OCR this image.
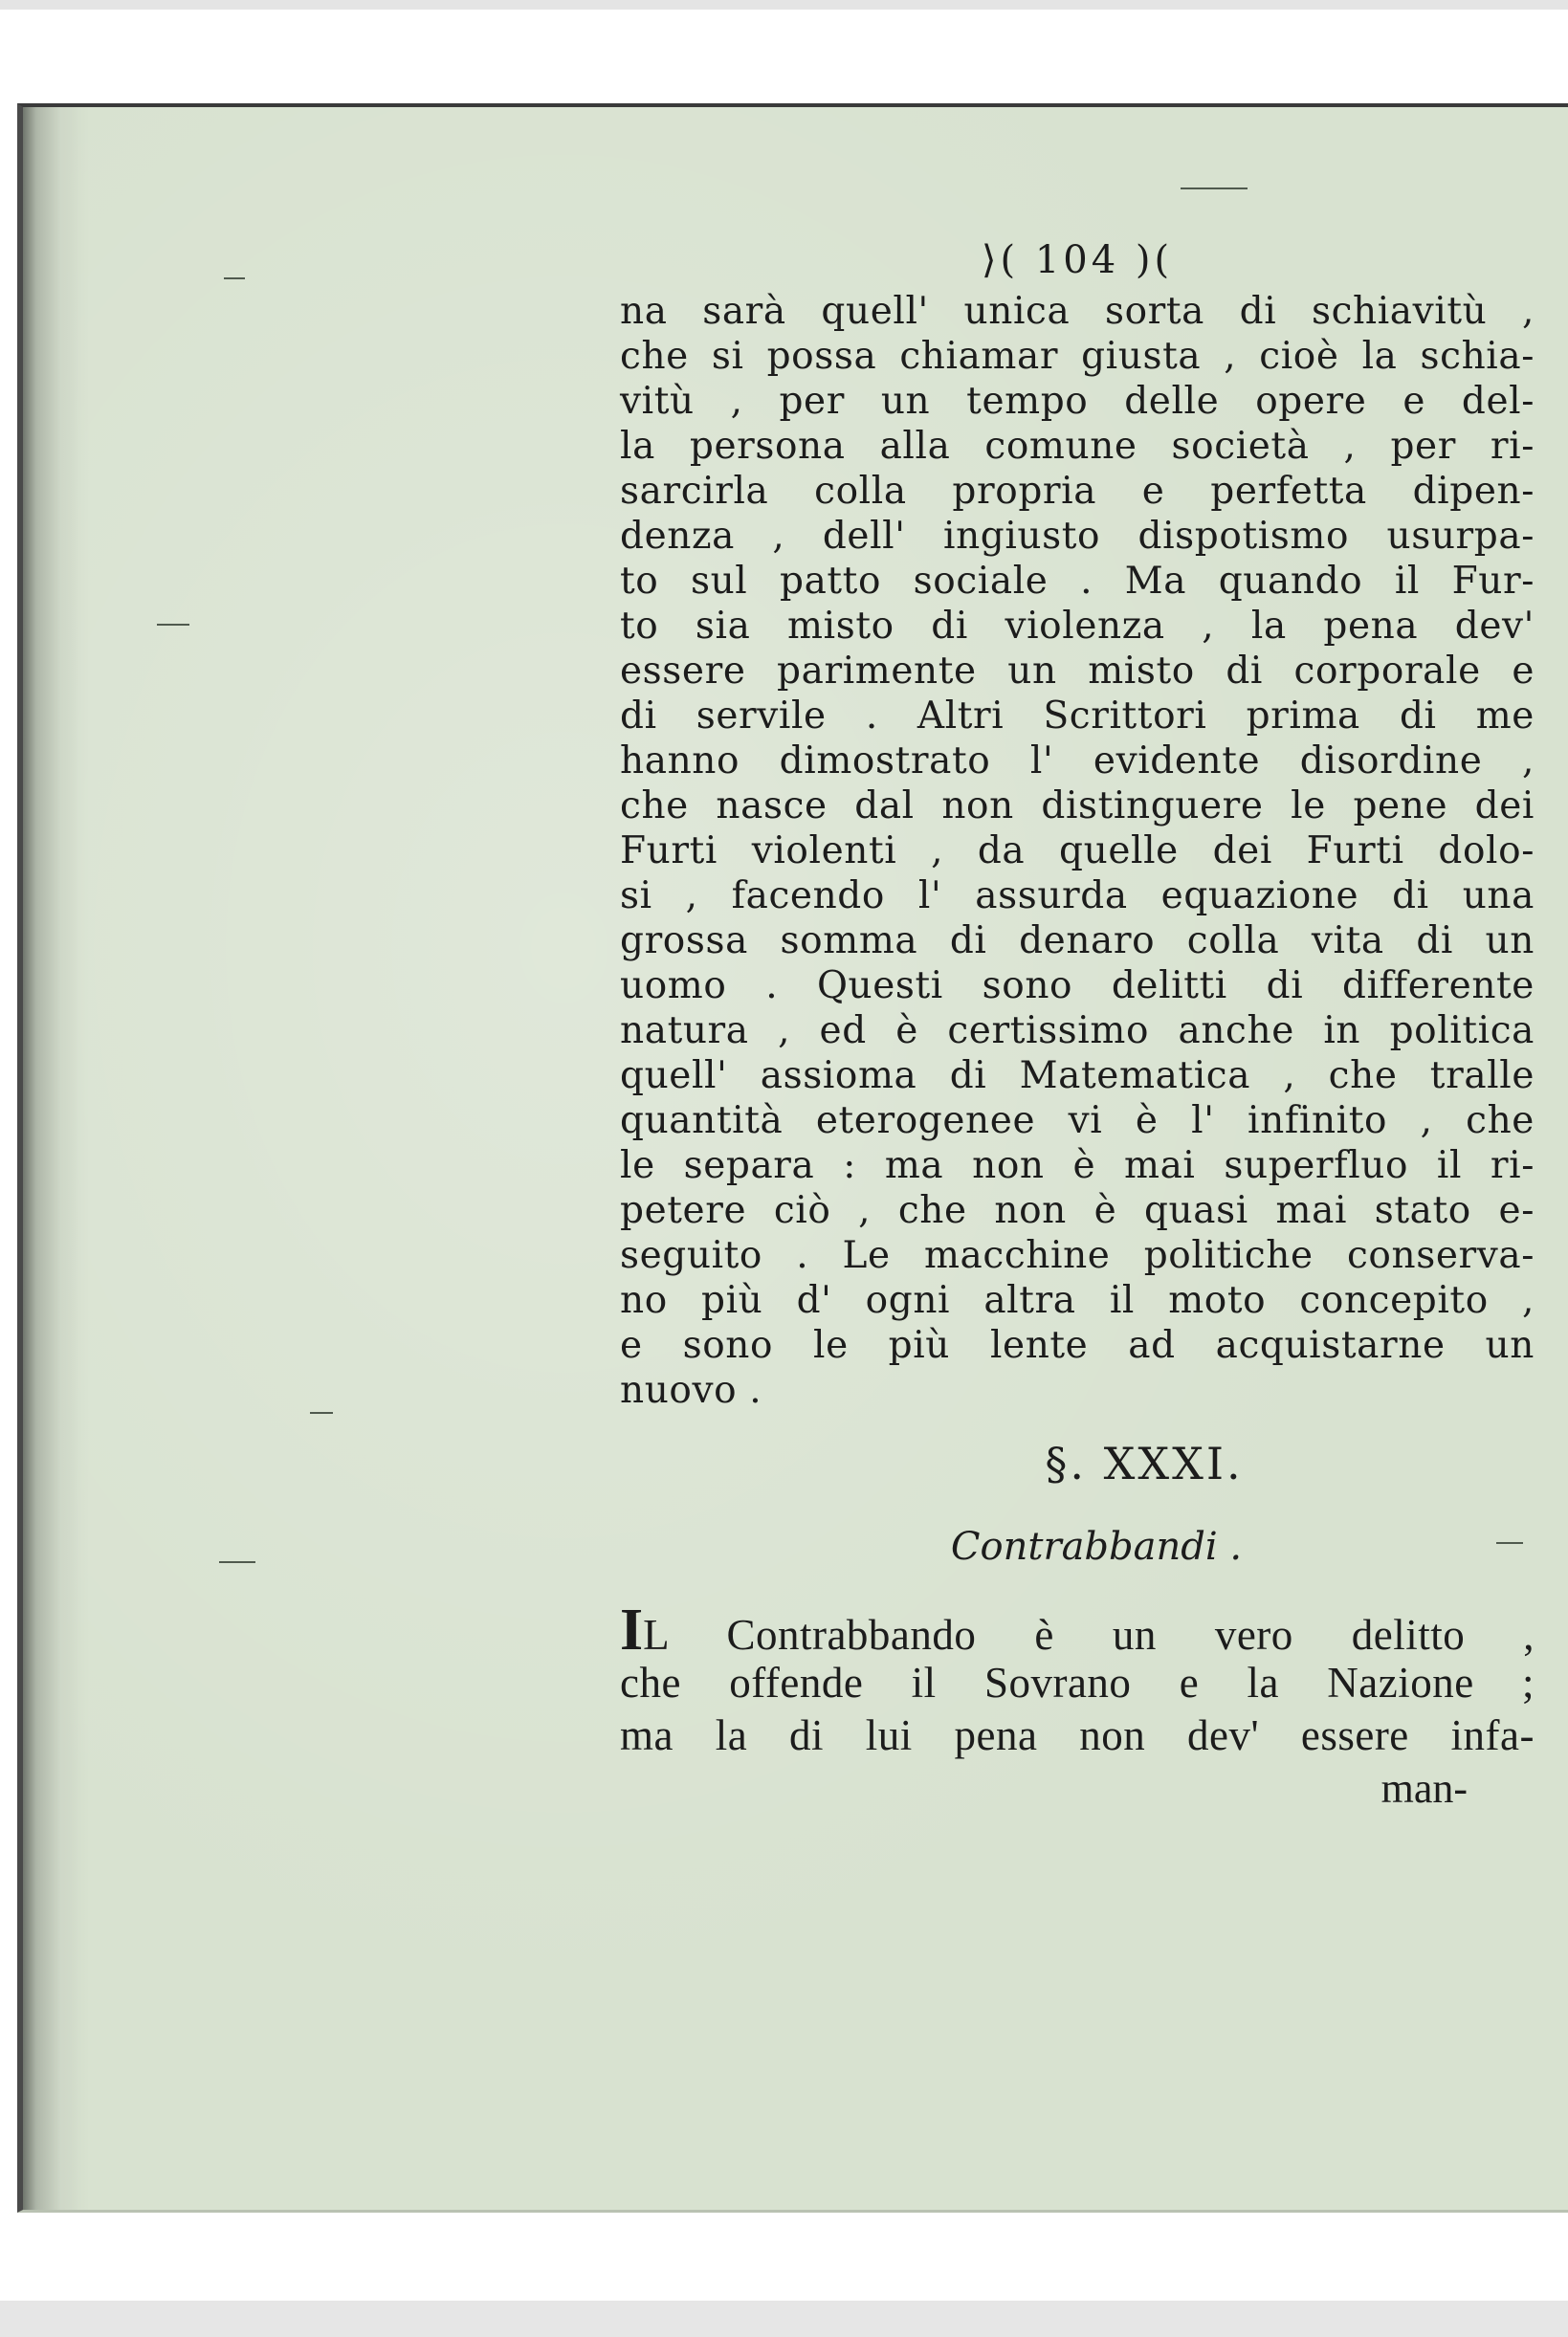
⟩( 104 )(
na sarà quell' unica sorta di schiavitù ,
che si possa chiamar giusta , cioè la schia-
vitù , per un tempo delle opere e del-
la persona alla comune società , per ri-
sarcirla colla propria e perfetta dipen-
denza , dell' ingiusto dispotismo usurpa-
to sul patto sociale . Ma quando il Fur-
to sia misto di violenza , la pena dev'
essere parimente un misto di corporale e
di servile . Altri Scrittori prima di me
hanno dimostrato l' evidente disordine ,
che nasce dal non distinguere le pene dei
Furti violenti , da quelle dei Furti dolo-
si , facendo l' assurda equazione di una
grossa somma di denaro colla vita di un
uomo . Questi sono delitti di differente
natura , ed è certissimo anche in politica
quell' assioma di Matematica , che tralle
quantità eterogenee vi è l' infinito , che
le separa : ma non è mai superfluo il ri-
petere ciò , che non è quasi mai stato e-
seguito . Le macchine politiche conserva-
no più d' ogni altra il moto concepito ,
e sono le più lente ad acquistarne un
nuovo .
§. XXXI.
Contrabbandi .
IL Contrabbando è un vero delitto ,
che offende il Sovrano e la Nazione ;
ma la di lui pena non dev' essere infa-
man-
